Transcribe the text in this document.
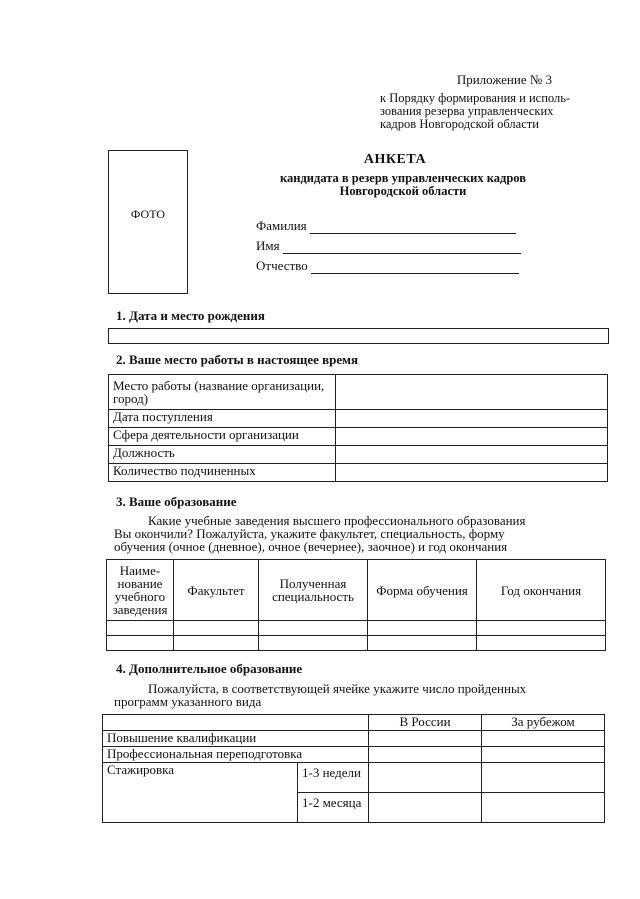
Приложение № 3
к Порядку формирования и исполь-
зования резерва управленческих
кадров Новгородской области
ФОТО
АНКЕТА
кандидата в резерв управленческих кадров
Новгородской области
Фамилия
Имя
Отчество
1. Дата и место рождения
2. Ваше место работы в настоящее время
Место работы (название организации, город)	
Дата поступления	
Сфера деятельности организации	
Должность	
Количество подчиненных	
3. Ваше образование
Какие учебные заведения высшего профессионального образования
Вы окончили? Пожалуйста, укажите факультет, специальность, форму
обучения (очное (дневное), очное (вечернее), заочное) и год окончания
Наиме-нование учебного заведения	Факультет	Полученная специальность	Форма обучения	Год окончания

4. Дополнительное образование
Пожалуйста, в соответствующей ячейке укажите число пройденных
программ указанного вида
		В России	За рубежом
Повышение квалификации			
Профессиональная переподготовка			
Стажировка	1-3 недели		
	1-2 месяца		
